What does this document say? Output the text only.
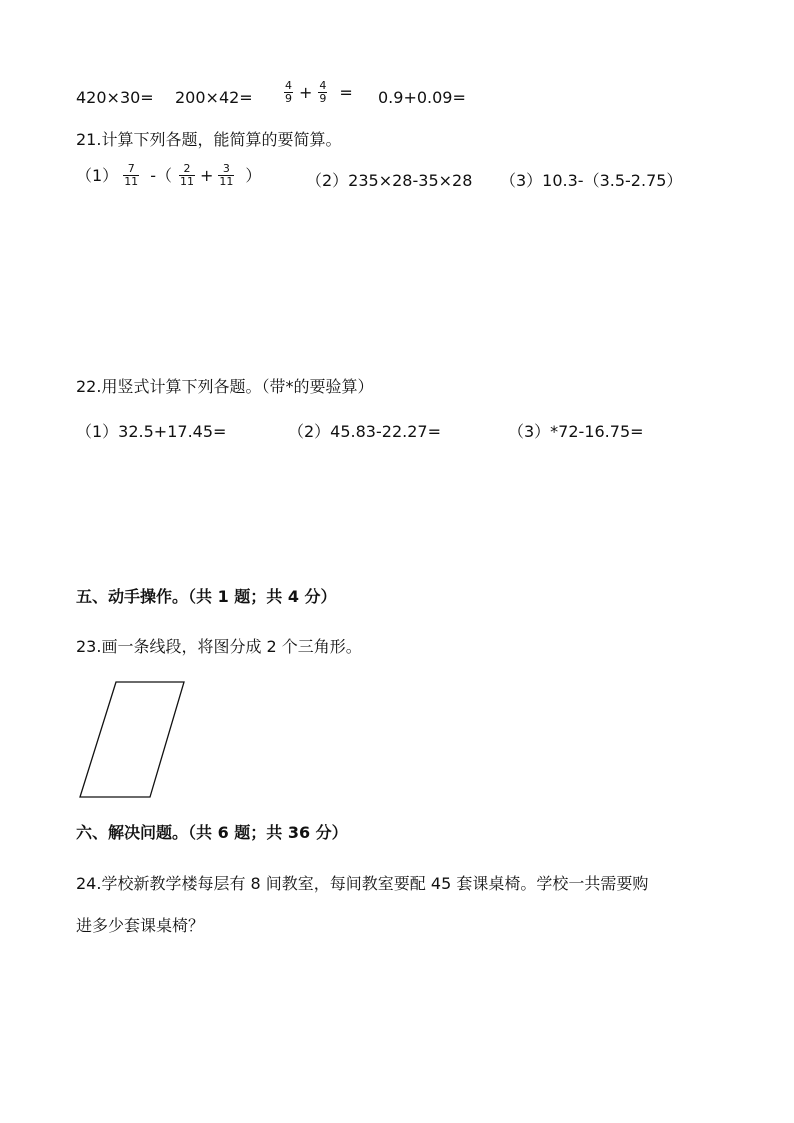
420×30= 200×42=	$\frac{4}{9} + \frac{4}{9} = 0.9+0.09=$
21.计算下列各题，能简算的要简算。
$(1) \frac{7}{11}$ -（ $\frac{2}{11} + \frac{3}{11}$ ）	（2）235×28-35×28 （3）10.3-（3.5-2.75）
22.用竖式计算下列各题。（带*的要验算）
（1）32.5+17.45=	（2）45.83-22.27=	（3）*72-16.75=
五、动手操作。（共 1 题；共 4 分）
23.画一条线段，将图分成 2 个三角形。
六、解决问题。（共 6 题；共 36 分）
24.学校新教学楼每层有 8 间教室，每间教室要配 45 套课桌椅。学校一共需要购
进多少套课桌椅？
